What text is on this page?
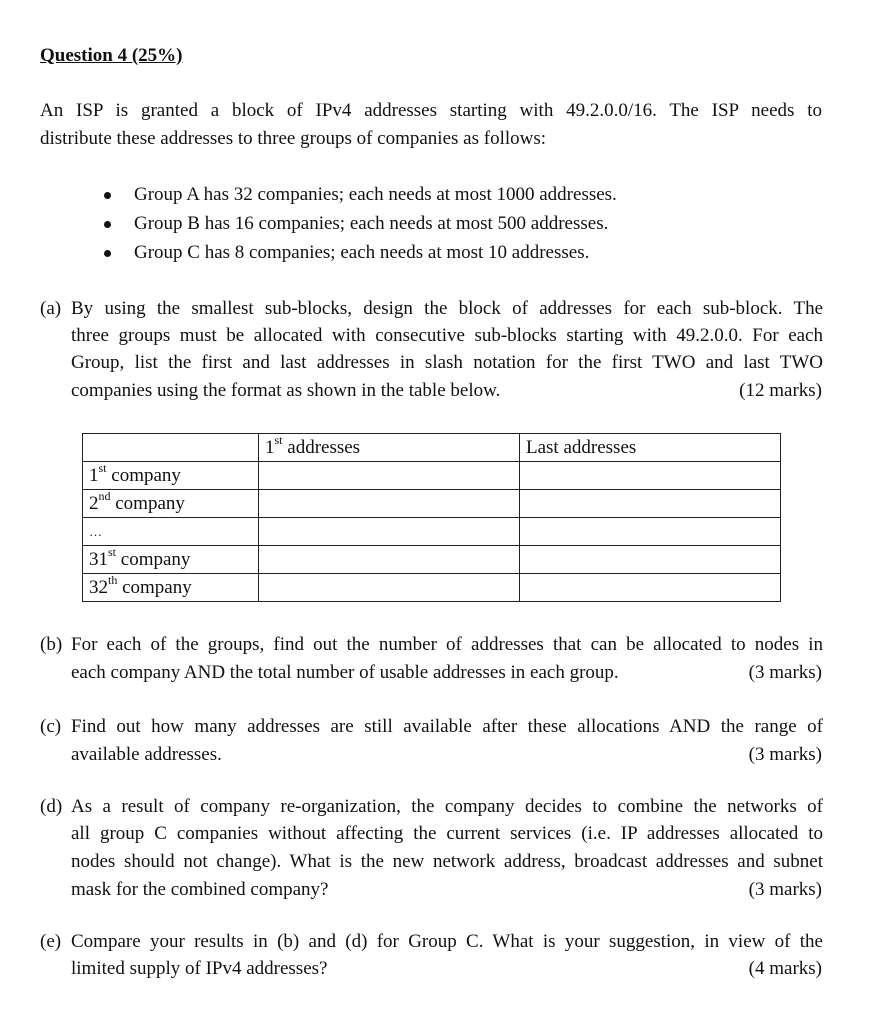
Question 4 (25%)
An ISP is granted a block of IPv4 addresses starting with 49.2.0.0/16. The ISP needs to
distribute these addresses to three groups of companies as follows:
Group A has 32 companies; each needs at most 1000 addresses.
Group B has 16 companies; each needs at most 500 addresses.
Group C has 8 companies; each needs at most 10 addresses.
(a) By using the smallest sub-blocks, design the block of addresses for each sub-block. The
three groups must be allocated with consecutive sub-blocks starting with 49.2.0.0. For each
Group, list the first and last addresses in slash notation for the first TWO and last TWO
companies using the format as shown in the table below.	(12 marks)
	1st addresses	Last addresses
1st company		
2nd company		
…		
31st company		
32th company		
(b) For each of the groups, find out the number of addresses that can be allocated to nodes in
each company AND the total number of usable addresses in each group.	(3 marks)
(c) Find out how many addresses are still available after these allocations AND the range of
available addresses.	(3 marks)
(d) As a result of company re-organization, the company decides to combine the networks of
all group C companies without affecting the current services (i.e. IP addresses allocated to
nodes should not change). What is the new network address, broadcast addresses and subnet
mask for the combined company?	(3 marks)
(e) Compare your results in (b) and (d) for Group C. What is your suggestion, in view of the
limited supply of IPv4 addresses?	(4 marks)
